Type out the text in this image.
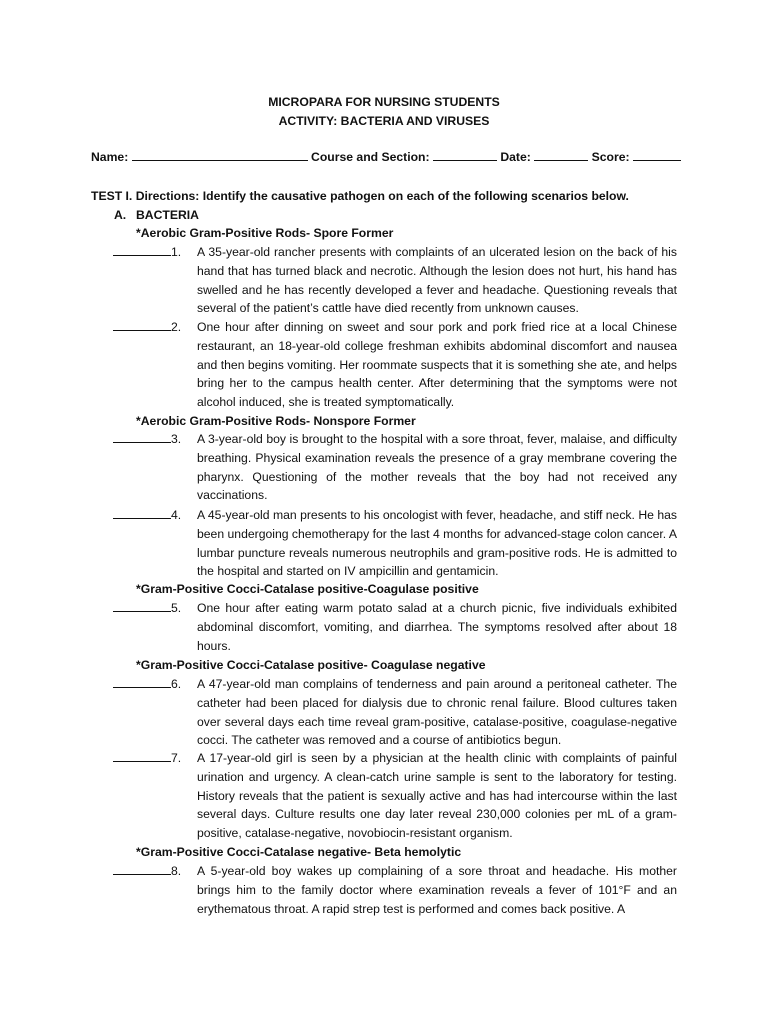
MICROPARA FOR NURSING STUDENTS
ACTIVITY: BACTERIA AND VIRUSES
Name:	Course and Section:	Date:	Score:
TEST I. Directions: Identify the causative pathogen on each of the following scenarios below.
A. BACTERIA
*Aerobic Gram-Positive Rods- Spore Former
1.	A 35-year-old rancher presents with complaints of an ulcerated lesion on the back of his hand that has turned black and necrotic. Although the lesion does not hurt, his hand has swelled and he has recently developed a fever and headache. Questioning reveals that several of the patient’s cattle have died recently from unknown causes.

2.	One hour after dinning on sweet and sour pork and pork fried rice at a local Chinese restaurant, an 18-year-old college freshman exhibits abdominal discomfort and nausea and then begins vomiting. Her roommate suspects that it is something she ate, and helps bring her to the campus health center. After determining that the symptoms were not alcohol induced, she is treated symptomatically.

*Aerobic Gram-Positive Rods- Nonspore Former
3.	A 3-year-old boy is brought to the hospital with a sore throat, fever, malaise, and difficulty breathing. Physical examination reveals the presence of a gray membrane covering the pharynx. Questioning of the mother reveals that the boy had not received any vaccinations.

4.	A 45-year-old man presents to his oncologist with fever, headache, and stiff neck. He has been undergoing chemotherapy for the last 4 months for advanced-stage colon cancer. A lumbar puncture reveals numerous neutrophils and gram-positive rods. He is admitted to the hospital and started on IV ampicillin and gentamicin.

*Gram-Positive Cocci-Catalase positive-Coagulase positive
5.	One hour after eating warm potato salad at a church picnic, five individuals exhibited abdominal discomfort, vomiting, and diarrhea. The symptoms resolved after about 18 hours.

*Gram-Positive Cocci-Catalase positive- Coagulase negative
6.	A 47-year-old man complains of tenderness and pain around a peritoneal catheter. The catheter had been placed for dialysis due to chronic renal failure. Blood cultures taken over several days each time reveal gram-positive, catalase-positive, coagulase-negative cocci. The catheter was removed and a course of antibiotics begun.

7.	A 17-year-old girl is seen by a physician at the health clinic with complaints of painful urination and urgency. A clean-catch urine sample is sent to the laboratory for testing. History reveals that the patient is sexually active and has had intercourse within the last several days. Culture results one day later reveal 230,000 colonies per mL of a gram-positive, catalase-negative, novobiocin-resistant organism.

*Gram-Positive Cocci-Catalase negative- Beta hemolytic
8.	A 5-year-old boy wakes up complaining of a sore throat and headache. His mother brings him to the family doctor where examination reveals a fever of 101°F and an erythematous throat. A rapid strep test is performed and comes back positive. A
